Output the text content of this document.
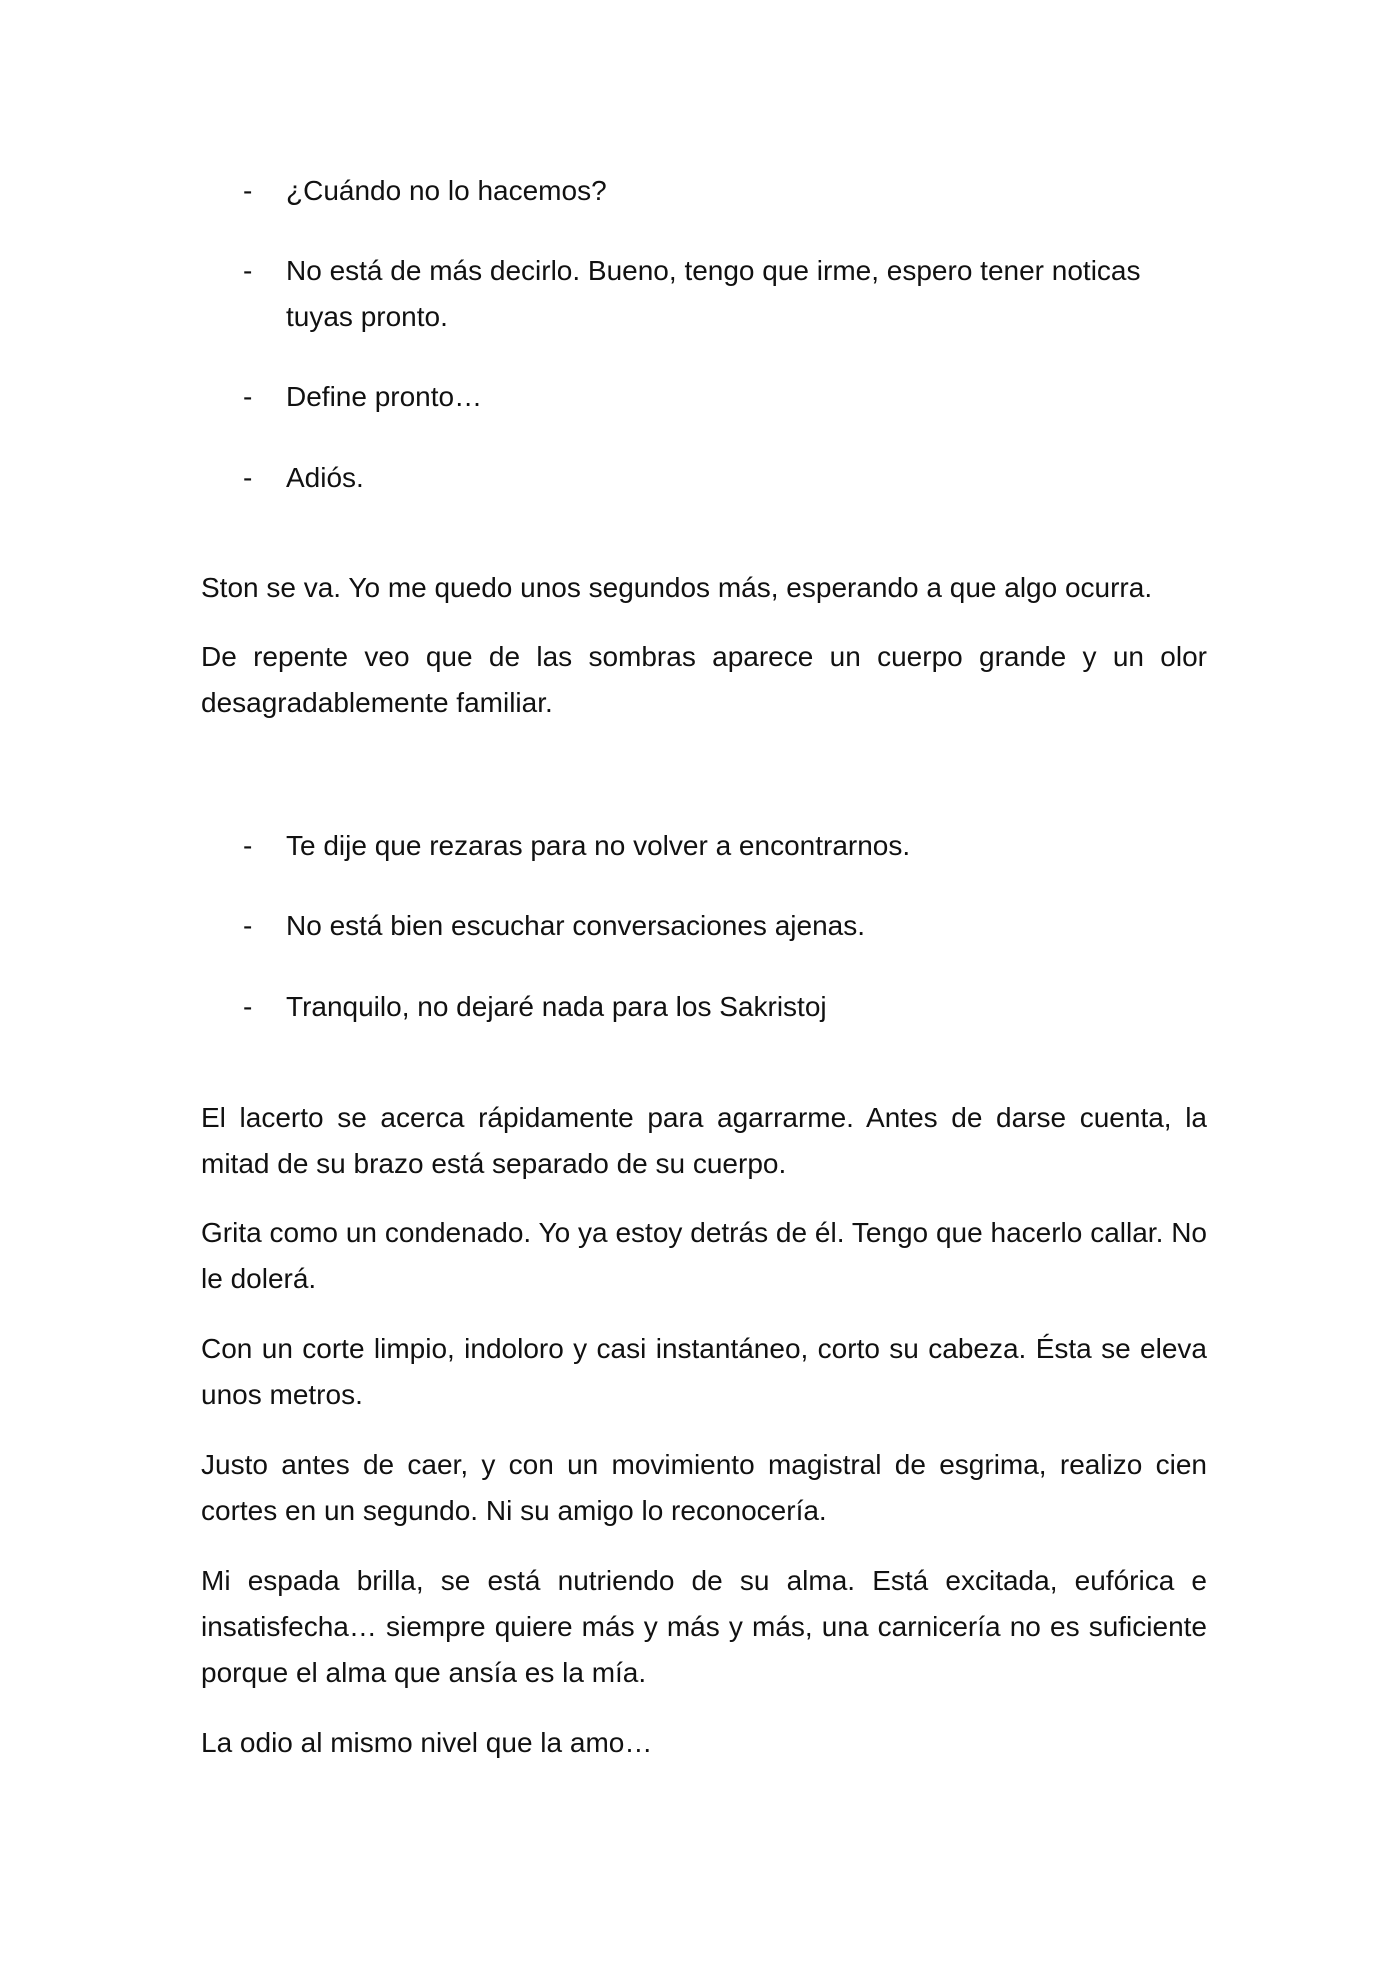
-	¿Cuándo no lo hacemos?
-	No está de más decirlo. Bueno, tengo que irme, espero tener noticas tuyas pronto.
-	Define pronto…
-	Adiós.

Ston se va. Yo me quedo unos segundos más, esperando a que algo ocurra.

De repente veo que de las sombras aparece un cuerpo grande y un olor desagradablemente familiar.

-	Te dije que rezaras para no volver a encontrarnos.
-	No está bien escuchar conversaciones ajenas.
-	Tranquilo, no dejaré nada para los Sakristoj

El lacerto se acerca rápidamente para agarrarme. Antes de darse cuenta, la mitad de su brazo está separado de su cuerpo.

Grita como un condenado. Yo ya estoy detrás de él. Tengo que hacerlo callar. No le dolerá.

Con un corte limpio, indoloro y casi instantáneo, corto su cabeza. Ésta se eleva unos metros.

Justo antes de caer, y con un movimiento magistral de esgrima, realizo cien cortes en un segundo. Ni su amigo lo reconocería.

Mi espada brilla, se está nutriendo de su alma. Está excitada, eufórica e insatisfecha… siempre quiere más y más y más, una carnicería no es suficiente porque el alma que ansía es la mía.

La odio al mismo nivel que la amo…
